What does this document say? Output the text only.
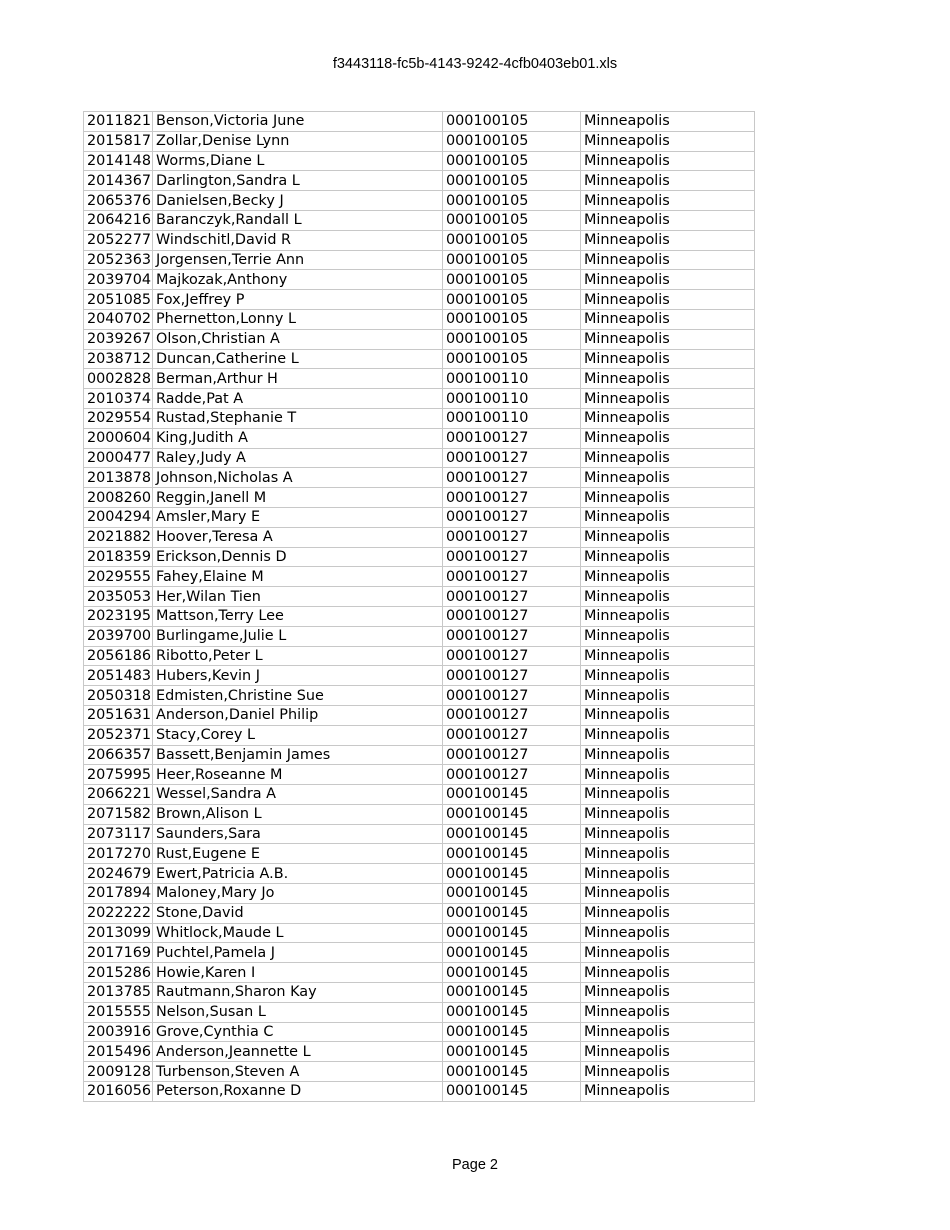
f3443118-fc5b-4143-9242-4cfb0403eb01.xls
2011821	Benson,Victoria June	000100105	Minneapolis
2015817	Zollar,Denise Lynn	000100105	Minneapolis
2014148	Worms,Diane L	000100105	Minneapolis
2014367	Darlington,Sandra L	000100105	Minneapolis
2065376	Danielsen,Becky J	000100105	Minneapolis
2064216	Baranczyk,Randall L	000100105	Minneapolis
2052277	Windschitl,David R	000100105	Minneapolis
2052363	Jorgensen,Terrie Ann	000100105	Minneapolis
2039704	Majkozak,Anthony	000100105	Minneapolis
2051085	Fox,Jeffrey P	000100105	Minneapolis
2040702	Phernetton,Lonny L	000100105	Minneapolis
2039267	Olson,Christian A	000100105	Minneapolis
2038712	Duncan,Catherine L	000100105	Minneapolis
0002828	Berman,Arthur H	000100110	Minneapolis
2010374	Radde,Pat A	000100110	Minneapolis
2029554	Rustad,Stephanie T	000100110	Minneapolis
2000604	King,Judith A	000100127	Minneapolis
2000477	Raley,Judy A	000100127	Minneapolis
2013878	Johnson,Nicholas A	000100127	Minneapolis
2008260	Reggin,Janell M	000100127	Minneapolis
2004294	Amsler,Mary E	000100127	Minneapolis
2021882	Hoover,Teresa A	000100127	Minneapolis
2018359	Erickson,Dennis D	000100127	Minneapolis
2029555	Fahey,Elaine M	000100127	Minneapolis
2035053	Her,Wilan Tien	000100127	Minneapolis
2023195	Mattson,Terry Lee	000100127	Minneapolis
2039700	Burlingame,Julie L	000100127	Minneapolis
2056186	Ribotto,Peter L	000100127	Minneapolis
2051483	Hubers,Kevin J	000100127	Minneapolis
2050318	Edmisten,Christine Sue	000100127	Minneapolis
2051631	Anderson,Daniel Philip	000100127	Minneapolis
2052371	Stacy,Corey L	000100127	Minneapolis
2066357	Bassett,Benjamin James	000100127	Minneapolis
2075995	Heer,Roseanne M	000100127	Minneapolis
2066221	Wessel,Sandra A	000100145	Minneapolis
2071582	Brown,Alison L	000100145	Minneapolis
2073117	Saunders,Sara	000100145	Minneapolis
2017270	Rust,Eugene E	000100145	Minneapolis
2024679	Ewert,Patricia A.B.	000100145	Minneapolis
2017894	Maloney,Mary Jo	000100145	Minneapolis
2022222	Stone,David	000100145	Minneapolis
2013099	Whitlock,Maude L	000100145	Minneapolis
2017169	Puchtel,Pamela J	000100145	Minneapolis
2015286	Howie,Karen I	000100145	Minneapolis
2013785	Rautmann,Sharon Kay	000100145	Minneapolis
2015555	Nelson,Susan L	000100145	Minneapolis
2003916	Grove,Cynthia C	000100145	Minneapolis
2015496	Anderson,Jeannette L	000100145	Minneapolis
2009128	Turbenson,Steven A	000100145	Minneapolis
2016056	Peterson,Roxanne D	000100145	Minneapolis
Page 2
